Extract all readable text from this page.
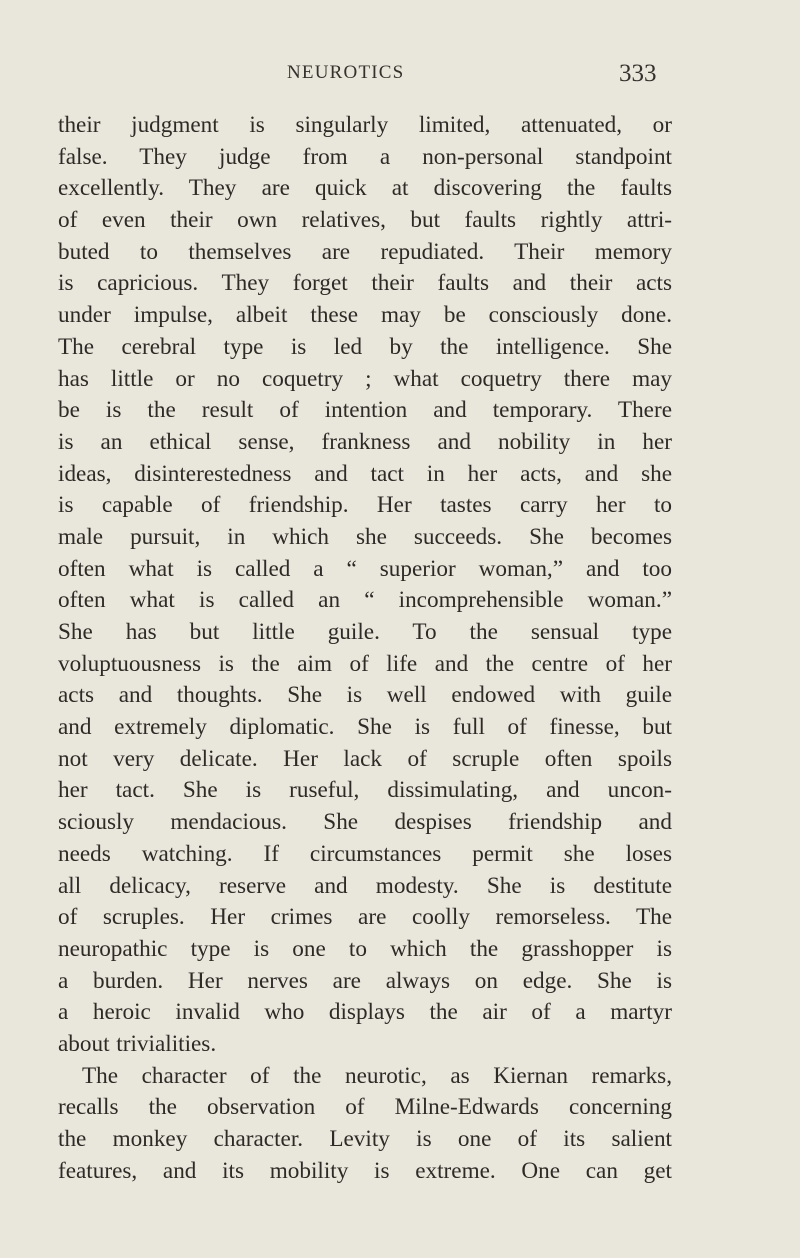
NEUROTICS	333
their judgment is singularly limited, attenuated, or
false. They judge from a non-personal standpoint
excellently. They are quick at discovering the faults
of even their own relatives, but faults rightly attri-
buted to themselves are repudiated. Their memory
is capricious. They forget their faults and their acts
under impulse, albeit these may be consciously done.
The cerebral type is led by the intelligence. She
has little or no coquetry ; what coquetry there may
be is the result of intention and temporary. There
is an ethical sense, frankness and nobility in her
ideas, disinterestedness and tact in her acts, and she
is capable of friendship. Her tastes carry her to
male pursuit, in which she succeeds. She becomes
often what is called a “ superior woman,” and too
often what is called an “ incomprehensible woman.”
She has but little guile. To the sensual type
voluptuousness is the aim of life and the centre of her
acts and thoughts. She is well endowed with guile
and extremely diplomatic. She is full of finesse, but
not very delicate. Her lack of scruple often spoils
her tact. She is ruseful, dissimulating, and uncon-
sciously mendacious. She despises friendship and
needs watching. If circumstances permit she loses
all delicacy, reserve and modesty. She is destitute
of scruples. Her crimes are coolly remorseless. The
neuropathic type is one to which the grasshopper is
a burden. Her nerves are always on edge. She is
a heroic invalid who displays the air of a martyr
about trivialities.
The character of the neurotic, as Kiernan remarks,
recalls the observation of Milne-Edwards concerning
the monkey character. Levity is one of its salient
features, and its mobility is extreme. One can get
